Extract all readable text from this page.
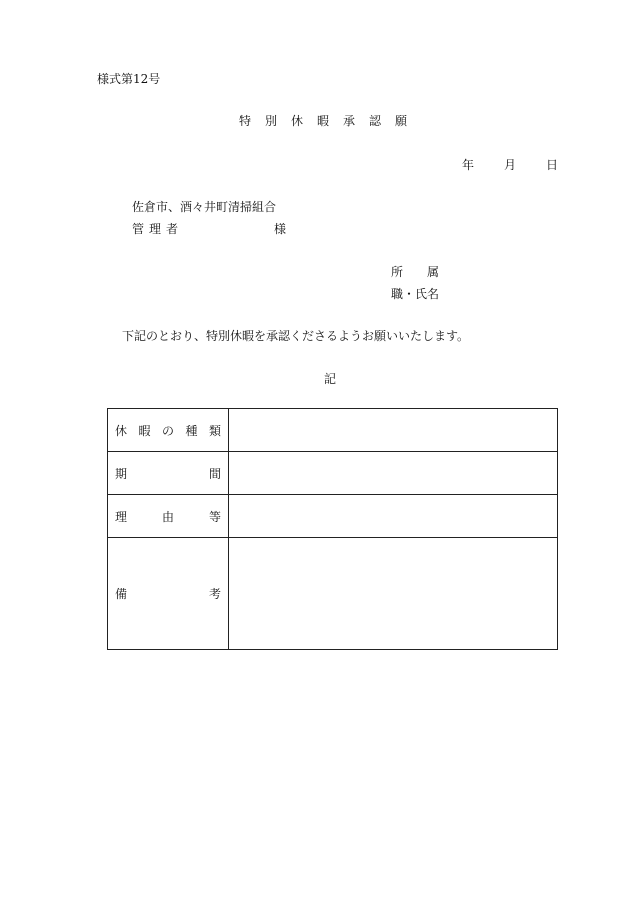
様式第12号
特別休暇承認願
年	月	日
佐倉市、酒々井町清掃組合
管理者	様
所　　属
職・氏名
下記のとおり、特別休暇を承認くださるようお願いいたします。
記
休暇の種類	
期間	
理由等	
備考	
